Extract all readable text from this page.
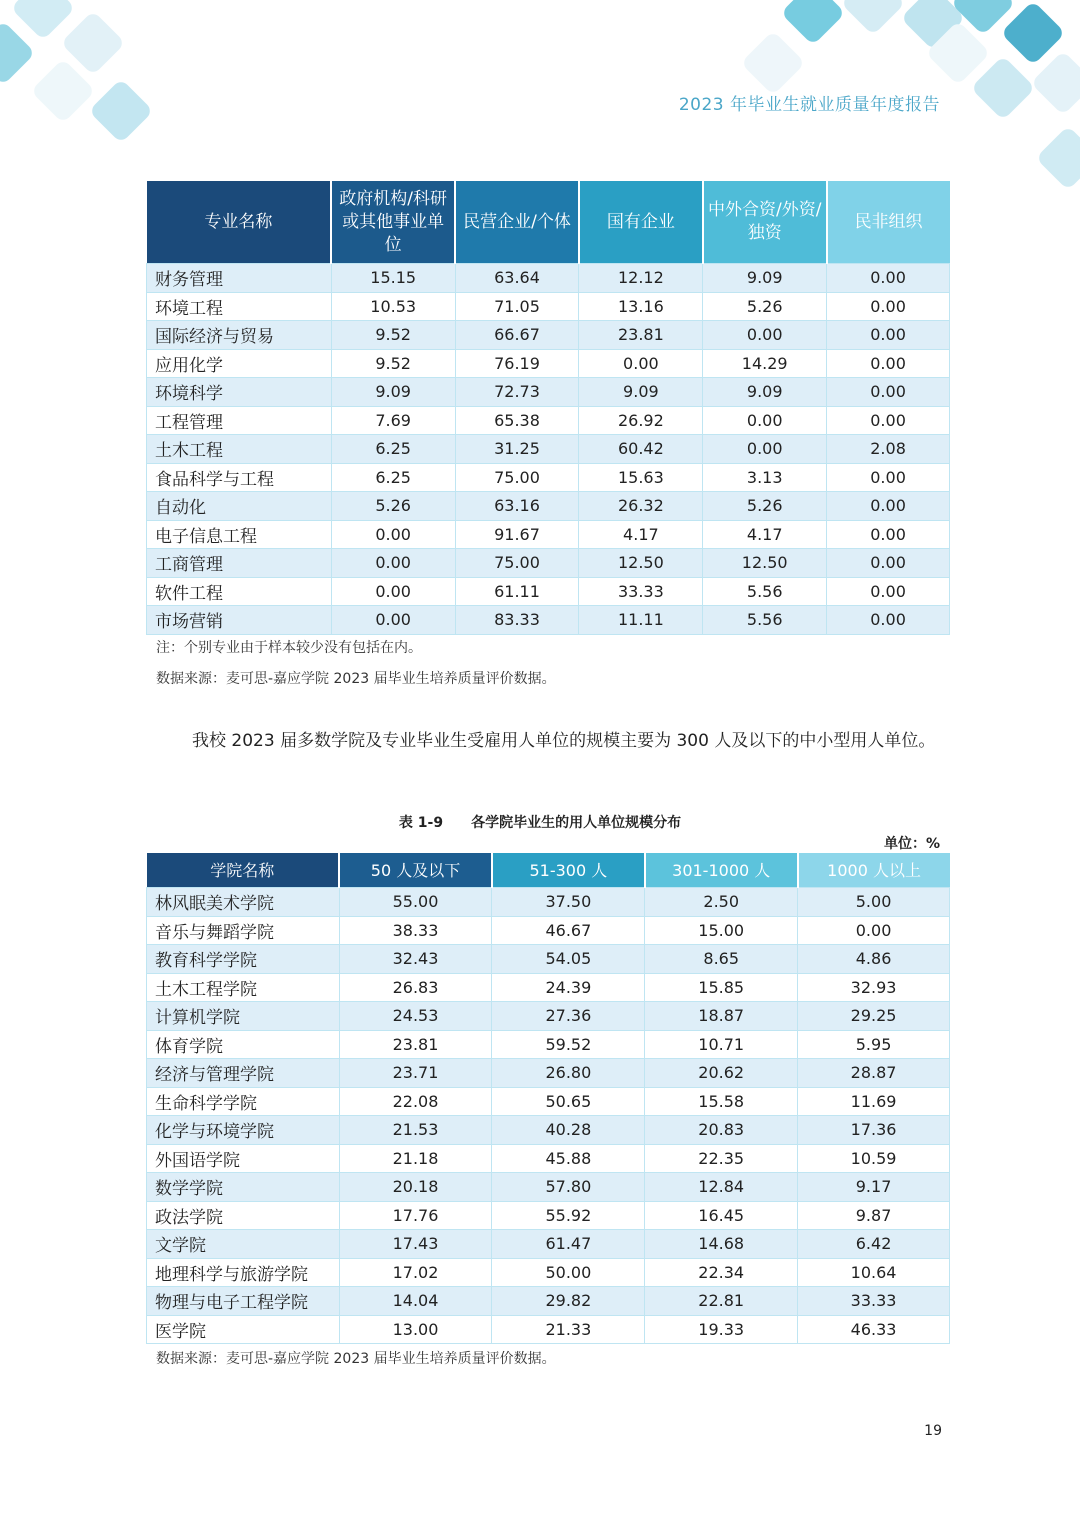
2023 年毕业生就业质量年度报告
专业名称	政府机构/科研或其他事业单位	民营企业/个体	国有企业	中外合资/外资/独资	民非组织
财务管理	15.15	63.64	12.12	9.09	0.00
环境工程	10.53	71.05	13.16	5.26	0.00
国际经济与贸易	9.52	66.67	23.81	0.00	0.00
应用化学	9.52	76.19	0.00	14.29	0.00
环境科学	9.09	72.73	9.09	9.09	0.00
工程管理	7.69	65.38	26.92	0.00	0.00
土木工程	6.25	31.25	60.42	0.00	2.08
食品科学与工程	6.25	75.00	15.63	3.13	0.00
自动化	5.26	63.16	26.32	5.26	0.00
电子信息工程	0.00	91.67	4.17	4.17	0.00
工商管理	0.00	75.00	12.50	12.50	0.00
软件工程	0.00	61.11	33.33	5.56	0.00
市场营销	0.00	83.33	11.11	5.56	0.00
注：个别专业由于样本较少没有包括在内。
数据来源：麦可思-嘉应学院 2023 届毕业生培养质量评价数据。
我校 2023 届多数学院及专业毕业生受雇用人单位的规模主要为 300 人及以下的中小型用人单位。
表 1-9　　各学院毕业生的用人单位规模分布
单位：%
学院名称	50 人及以下	51-300 人	301-1000 人	1000 人以上
林风眠美术学院	55.00	37.50	2.50	5.00
音乐与舞蹈学院	38.33	46.67	15.00	0.00
教育科学学院	32.43	54.05	8.65	4.86
土木工程学院	26.83	24.39	15.85	32.93
计算机学院	24.53	27.36	18.87	29.25
体育学院	23.81	59.52	10.71	5.95
经济与管理学院	23.71	26.80	20.62	28.87
生命科学学院	22.08	50.65	15.58	11.69
化学与环境学院	21.53	40.28	20.83	17.36
外国语学院	21.18	45.88	22.35	10.59
数学学院	20.18	57.80	12.84	9.17
政法学院	17.76	55.92	16.45	9.87
文学院	17.43	61.47	14.68	6.42
地理科学与旅游学院	17.02	50.00	22.34	10.64
物理与电子工程学院	14.04	29.82	22.81	33.33
医学院	13.00	21.33	19.33	46.33
数据来源：麦可思-嘉应学院 2023 届毕业生培养质量评价数据。
19
